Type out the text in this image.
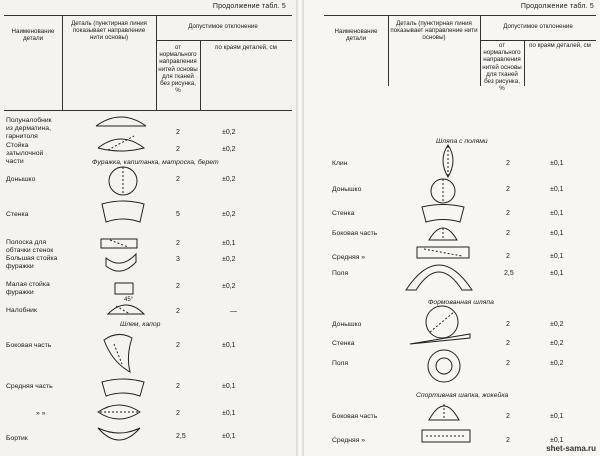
Продолжение табл. 5
Наименование детали
Деталь (пунктирная линия показывает направление нити основы)
Допустимое отклонение
от нормального направления нитей основы для тканей без рисунка, %
по краям деталей, см
Полуналобник из дерматина, гарнитоля
2	±0,2
Стойка затылочной части
2	±0,2
Фуражка, капитанка, матроска, берет
Донышко	2	±0,2
Стенка	5	±0,2
Полоска для обтачки стенок
2	±0,1
Большая стойка фуражки
3	±0,2
Малая стойка фуражки
2	±0,2
Налобник	2	—
45°
Шлем, капор
Боковая часть	2	±0,1
Средняя часть	2	±0,1
» »	2	±0,1
Бортик	2,5	±0,1
Продолжение табл. 5
Наименование детали
Деталь (пунктирная линия показывает направление нити основы)
Допустимое отклонение
от нормального направления нитей основы для тканей без рисунка, %
по краям деталей, см
Шляпа с полями
Клин	2	±0,1
Донышко	2	±0,1
Стенка	2	±0,1
Боковая часть	2	±0,1
Средняя »	2	±0,1
Поля	2,5	±0,1
Формованная шляпа
Донышко	2	±0,2
Стенка	2	±0,2
Поля	2	±0,2
Спортивная шапка, жокейка
Боковая часть	2	±0,1
Средняя »	2	±0,1
shet-sama.ru
